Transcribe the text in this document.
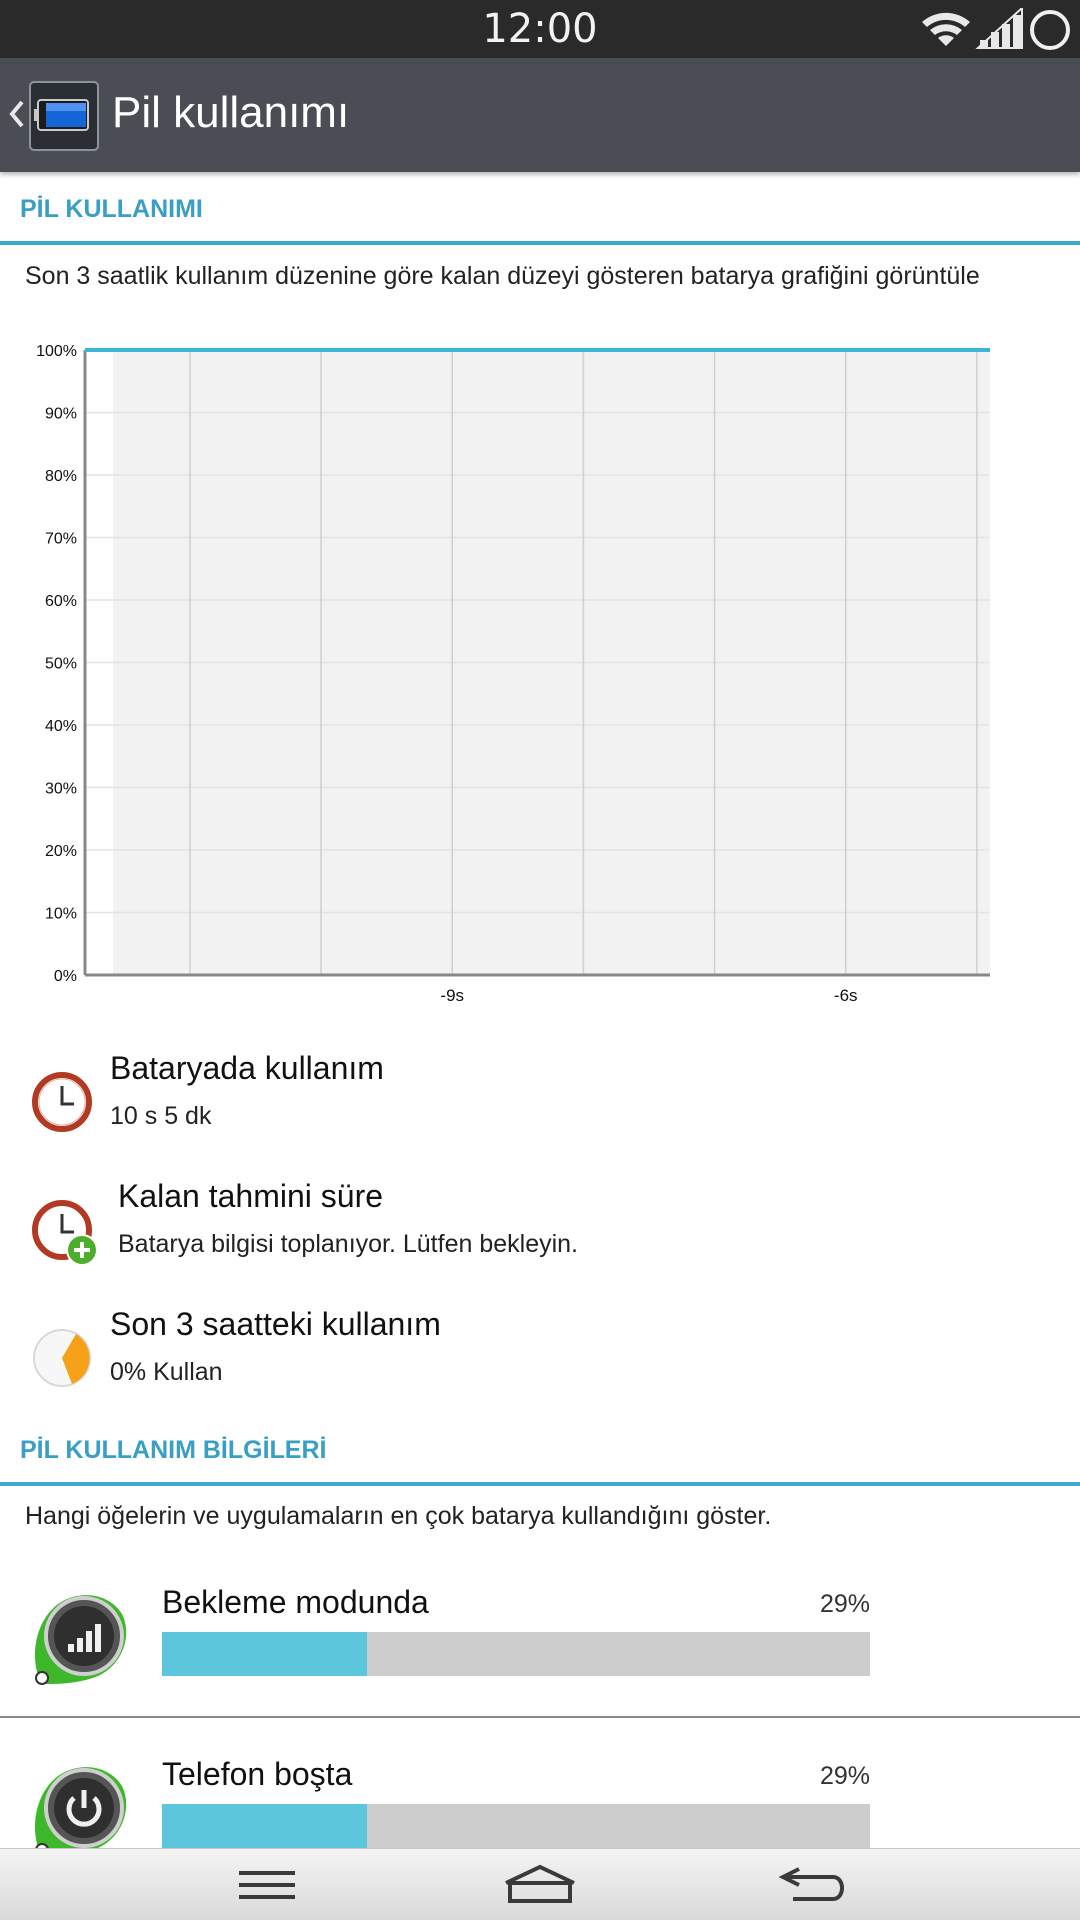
12:00
Pil kullanımı
PİL KULLANIMI
Son 3 saatlik kullanım düzenine göre kalan düzeyi gösteren batarya grafiğini görüntüle
0%
10%
20%
30%
40%
50%
60%
70%
80%
90%
100%
-9s	-6s
Bataryada kullanım
10 s 5 dk
Kalan tahmini süre
Batarya bilgisi toplanıyor. Lütfen bekleyin.
Son 3 saatteki kullanım
0% Kullan
PİL KULLANIM BİLGİLERİ
Hangi öğelerin ve uygulamaların en çok batarya kullandığını göster.
Bekleme modunda	29%
Telefon boşta	29%
